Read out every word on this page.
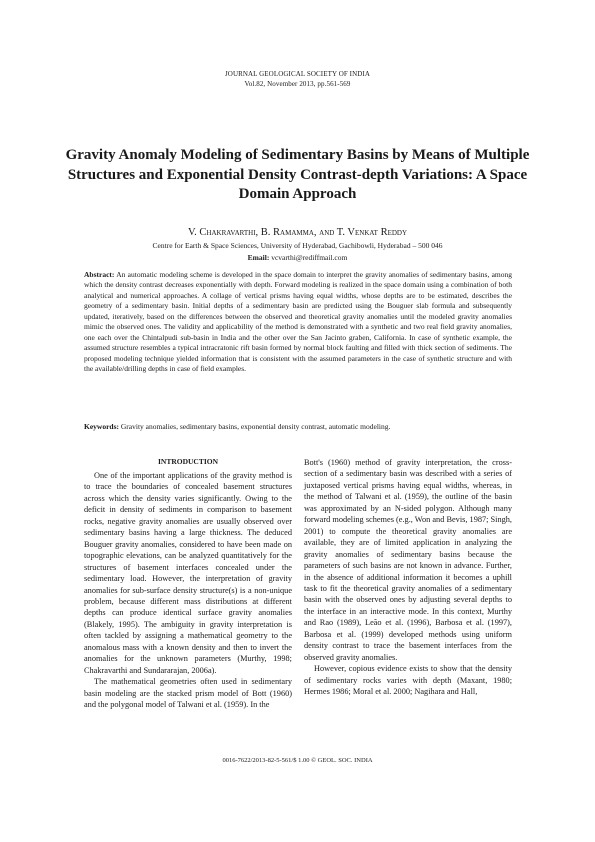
JOURNAL GEOLOGICAL SOCIETY OF INDIA
Vol.82, November 2013, pp.561-569
Gravity Anomaly Modeling of Sedimentary Basins by Means of Multiple Structures and Exponential Density Contrast-depth Variations: A Space Domain Approach
V. Chakravarthi, B. Ramamma, and T. Venkat Reddy
Centre for Earth & Space Sciences, University of Hyderabad, Gachibowli, Hyderabad – 500 046
Email: vcvarthi@rediffmail.com
Abstract: An automatic modeling scheme is developed in the space domain to interpret the gravity anomalies of sedimentary basins, among which the density contrast decreases exponentially with depth. Forward modeling is realized in the space domain using a combination of both analytical and numerical approaches. A collage of vertical prisms having equal widths, whose depths are to be estimated, describes the geometry of a sedimentary basin. Initial depths of a sedimentary basin are predicted using the Bouguer slab formula and subsequently updated, iteratively, based on the differences between the observed and theoretical gravity anomalies until the modeled gravity anomalies mimic the observed ones. The validity and applicability of the method is demonstrated with a synthetic and two real field gravity anomalies, one each over the Chintalpudi sub-basin in India and the other over the San Jacinto graben, California. In case of synthetic example, the assumed structure resembles a typical intracratonic rift basin formed by normal block faulting and filled with thick section of sediments. The proposed modeling technique yielded information that is consistent with the assumed parameters in the case of synthetic structure and with the available/drilling depths in case of field examples.
Keywords: Gravity anomalies, sedimentary basins, exponential density contrast, automatic modeling.
INTRODUCTION

One of the important applications of the gravity method is to trace the boundaries of concealed basement structures across which the density varies significantly. Owing to the deficit in density of sediments in comparison to basement rocks, negative gravity anomalies are usually observed over sedimentary basins having a large thickness. The deduced Bouguer gravity anomalies, considered to have been made on topographic elevations, can be analyzed quantitatively for the structures of basement interfaces concealed under the sedimentary load. However, the interpretation of gravity anomalies for sub-surface density structure(s) is a non-unique problem, because different mass distributions at different depths can produce identical surface gravity anomalies (Blakely, 1995). The ambiguity in gravity interpretation is often tackled by assigning a mathematical geometry to the anomalous mass with a known density and then to invert the anomalies for the unknown parameters (Murthy, 1998; Chakravarthi and Sundararajan, 2006a).

The mathematical geometries often used in sedimentary basin modeling are the stacked prism model of Bott (1960) and the polygonal model of Talwani et al. (1959). In the

Bott's (1960) method of gravity interpretation, the cross-section of a sedimentary basin was described with a series of juxtaposed vertical prisms having equal widths, whereas, in the method of Talwani et al. (1959), the outline of the basin was approximated by an N-sided polygon. Although many forward modeling schemes (e.g., Won and Bevis, 1987; Singh, 2001) to compute the theoretical gravity anomalies are available, they are of limited application in analyzing the gravity anomalies of sedimentary basins because the parameters of such basins are not known in advance. Further, in the absence of additional information it becomes a uphill task to fit the theoretical gravity anomalies of a sedimentary basin with the observed ones by adjusting several depths to the interface in an interactive mode. In this context, Murthy and Rao (1989), Leão et al. (1996), Barbosa et al. (1997), Barbosa et al. (1999) developed methods using uniform density contrast to trace the basement interfaces from the observed gravity anomalies.

However, copious evidence exists to show that the density of sedimentary rocks varies with depth (Maxant, 1980; Hermes 1986; Moral et al. 2000; Nagihara and Hall,

0016-7622/2013-82-5-561/$ 1.00 © GEOL. SOC. INDIA
